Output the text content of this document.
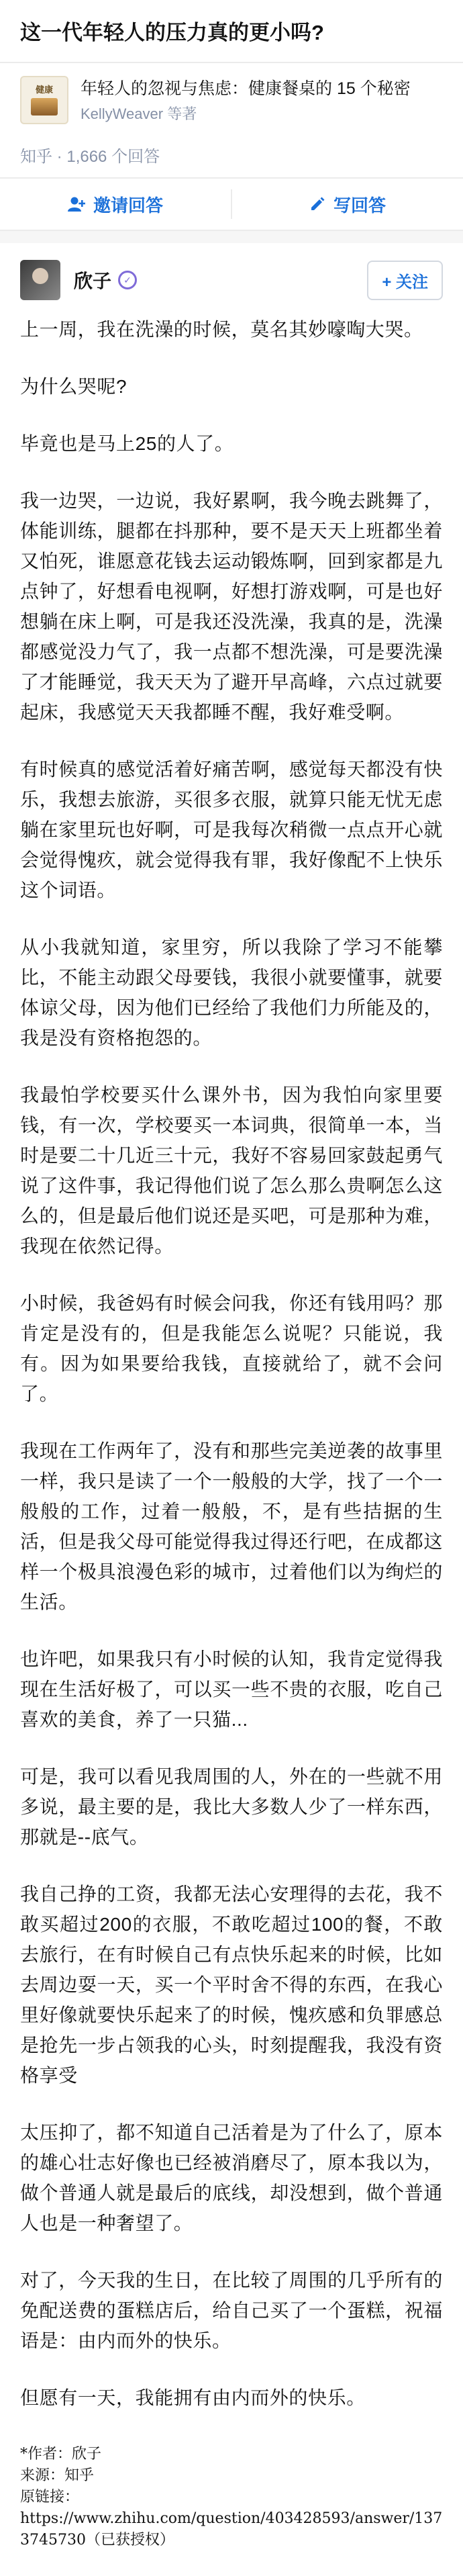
这一代年轻人的压力真的更小吗?
健康 年轻人的忽视与焦虑：健康餐桌的 15 个秘密
KellyWeaver 等著
知乎 · 1,666 个回答
邀请回答	写回答
欣子	✓	+ 关注

上一周，我在洗澡的时候，莫名其妙嚎啕大哭。

为什么哭呢?

毕竟也是马上25的人了。

我一边哭，一边说，我好累啊，我今晚去跳舞了，体能训练，腿都在抖那种，要不是天天上班都坐着又怕死，谁愿意花钱去运动锻炼啊，回到家都是九点钟了，好想看电视啊，好想打游戏啊，可是也好想躺在床上啊，可是我还没洗澡，我真的是，洗澡都感觉没力气了，我一点都不想洗澡，可是要洗澡了才能睡觉，我天天为了避开早高峰，六点过就要起床，我感觉天天我都睡不醒，我好难受啊。

有时候真的感觉活着好痛苦啊，感觉每天都没有快乐，我想去旅游，买很多衣服，就算只能无忧无虑躺在家里玩也好啊，可是我每次稍微一点点开心就会觉得愧疚，就会觉得我有罪，我好像配不上快乐这个词语。

从小我就知道，家里穷，所以我除了学习不能攀比，不能主动跟父母要钱，我很小就要懂事，就要体谅父母，因为他们已经给了我他们力所能及的，我是没有资格抱怨的。

我最怕学校要买什么课外书，因为我怕向家里要钱，有一次，学校要买一本词典，很简单一本，当时是要二十几近三十元，我好不容易回家鼓起勇气说了这件事，我记得他们说了怎么那么贵啊怎么这么的，但是最后他们说还是买吧，可是那种为难，我现在依然记得。

小时候，我爸妈有时候会问我，你还有钱用吗？那肯定是没有的，但是我能怎么说呢？只能说，我有。因为如果要给我钱，直接就给了，就不会问了。

我现在工作两年了，没有和那些完美逆袭的故事里一样，我只是读了一个一般般的大学，找了一个一般般的工作，过着一般般，不，是有些拮据的生活，但是我父母可能觉得我过得还行吧，在成都这样一个极具浪漫色彩的城市，过着他们以为绚烂的生活。

也许吧，如果我只有小时候的认知，我肯定觉得我现在生活好极了，可以买一些不贵的衣服，吃自己喜欢的美食，养了一只猫...

可是，我可以看见我周围的人，外在的一些就不用多说，最主要的是，我比大多数人少了一样东西，那就是--底气。

我自己挣的工资，我都无法心安理得的去花，我不敢买超过200的衣服，不敢吃超过100的餐，不敢去旅行，在有时候自己有点快乐起来的时候，比如去周边耍一天，买一个平时舍不得的东西，在我心里好像就要快乐起来了的时候，愧疚感和负罪感总是抢先一步占领我的心头，时刻提醒我，我没有资格享受

太压抑了，都不知道自己活着是为了什么了，原本的雄心壮志好像也已经被消磨尽了，原本我以为，做个普通人就是最后的底线，却没想到，做个普通人也是一种奢望了。

对了，今天我的生日，在比较了周围的几乎所有的免配送费的蛋糕店后，给自己买了一个蛋糕，祝福语是：由内而外的快乐。

但愿有一天，我能拥有由内而外的快乐。

*作者：欣子
来源：知乎
原链接：
https://www.zhihu.com/question/403428593/answer/1373745730（已获授权）
